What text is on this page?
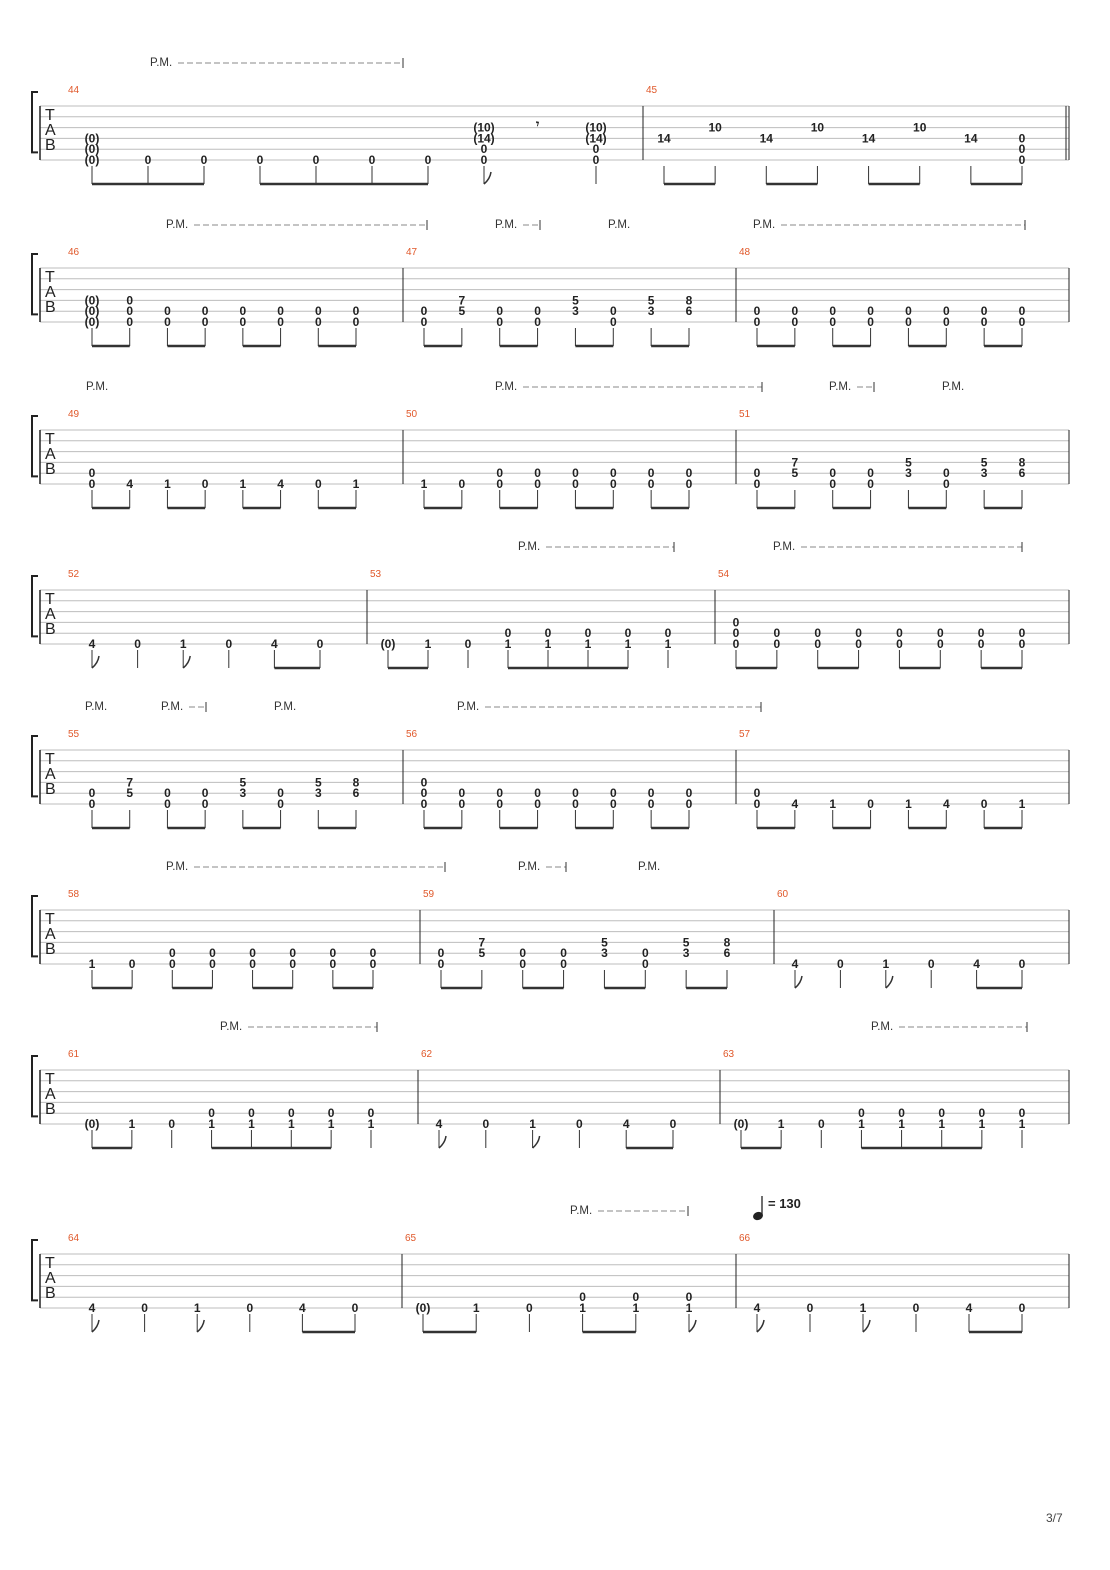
T
A
B
P.M.
44
(0)
(0)
(0)	0	0	0	0	0	0
(10)
(14)
0
0
𝄾	(10)
(14)
0
0
45
14
10
14
10
14
10
14	0
0
0
T
A
B
P.M.	P.M.	P.M.	P.M.
46
(0)
(0)
(0)
0
0
0
0
0
0
0
0
0
0
0
0
0
0
0
47
0
0
7
5	0
0
0
0
5
3	0
0
5
3
8
6
48
0
0
0
0
0
0
0
0
0
0
0
0
0
0
0
0
T
A
B
P.M.	P.M.	P.M.	P.M.
49
0
0	4	1	0	1	4	0	1
50
1	0
0
0
0
0
0
0
0
0
0
0
0
0
51
0
0
7
5	0
0
0
0
5
3	0
0
5
3
8
6
T
A
B
P.M.	P.M.
52
4	0	1	0	4	0
53
(0) 1	0
0
1
0
1
0
1
0
1
0
1
54
0
0
0
0
0
0
0
0
0
0
0
0
0
0
0
0
0
T
A
B
P.M.	P.M.	P.M.	P.M.
55
0
0
7
5	0
0
0
0
5
3	0
0
5
3
8
6
56
0
0
0
0
0
0
0
0
0
0
0
0
0
0
0
0
0
57
0
0	4	1	0	1	4	0	1
T
A
B
P.M.	P.M.	P.M.
58
1	0
0
0
0
0
0
0
0
0
0
0
0
0
59
0
0
7
5	0
0
0
0
5
3	0
0
5
3
8
6
60
4	0	1	0	4	0
T
A
B
P.M.	P.M.
61
(0) 1	0
0
1
0
1
0
1
0
1
0
1
62
4	0	1	0	4	0
63
(0) 1	0
0
1
0
1
0
1
0
1
0
1
T
A
B
P.M.
64
4	0	1	0	4	0
65
(0)	1	0
0
1
0
1
0
1
66
4	0	1	0	4	0
= 130
3/7
